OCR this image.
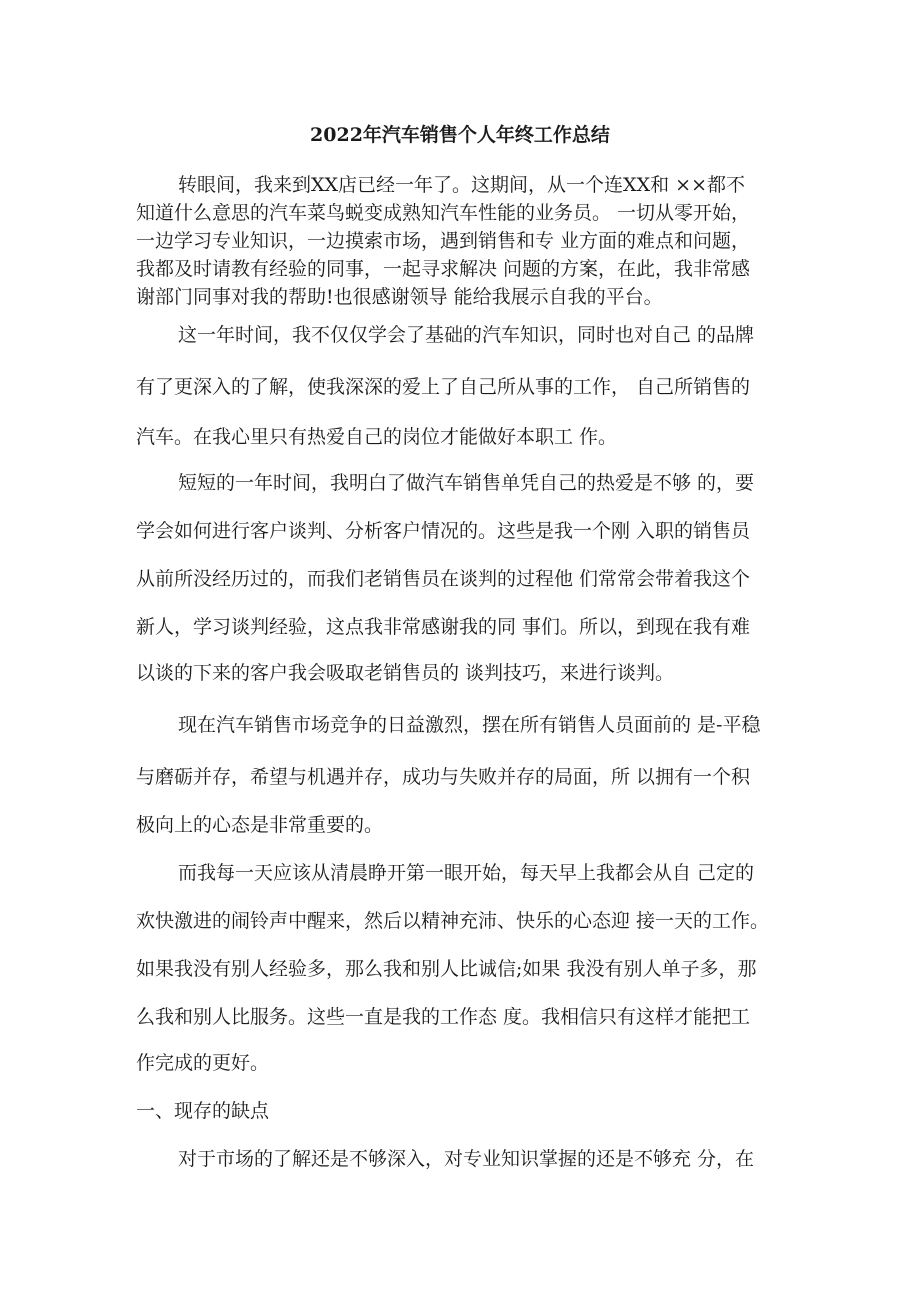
2022年汽车销售个人年终工作总结
转眼间，我来到XX店已经一年了。这期间，从一个连XX和 ××都不
知道什么意思的汽车菜鸟蜕变成熟知汽车性能的业务员。 一切从零开始，
一边学习专业知识，一边摸索市场，遇到销售和专 业方面的难点和问题，
我都及时请教有经验的同事，一起寻求解决 问题的方案，在此，我非常感
谢部门同事对我的帮助!也很感谢领导 能给我展示自我的平台。
这一年时间，我不仅仅学会了基础的汽车知识，同时也对自己 的品牌
有了更深入的了解，使我深深的爱上了自己所从事的工作， 自己所销售的
汽车。在我心里只有热爱自己的岗位才能做好本职工 作。
短短的一年时间，我明白了做汽车销售单凭自己的热爱是不够 的，要
学会如何进行客户谈判、分析客户情况的。这些是我一个刚 入职的销售员
从前所没经历过的，而我们老销售员在谈判的过程他 们常常会带着我这个
新人，学习谈判经验，这点我非常感谢我的同 事们。所以，到现在我有难
以谈的下来的客户我会吸取老销售员的 谈判技巧，来进行谈判。
现在汽车销售市场竞争的日益激烈，摆在所有销售人员面前的 是-平稳
与磨砺并存，希望与机遇并存，成功与失败并存的局面，所 以拥有一个积
极向上的心态是非常重要的。
而我每一天应该从清晨睁开第一眼开始，每天早上我都会从自 己定的
欢快激进的闹铃声中醒来，然后以精神充沛、快乐的心态迎 接一天的工作。
如果我没有别人经验多，那么我和别人比诚信;如果 我没有别人单子多，那
么我和别人比服务。这些一直是我的工作态 度。我相信只有这样才能把工
作完成的更好。
一、现存的缺点
对于市场的了解还是不够深入，对专业知识掌握的还是不够充 分，在
